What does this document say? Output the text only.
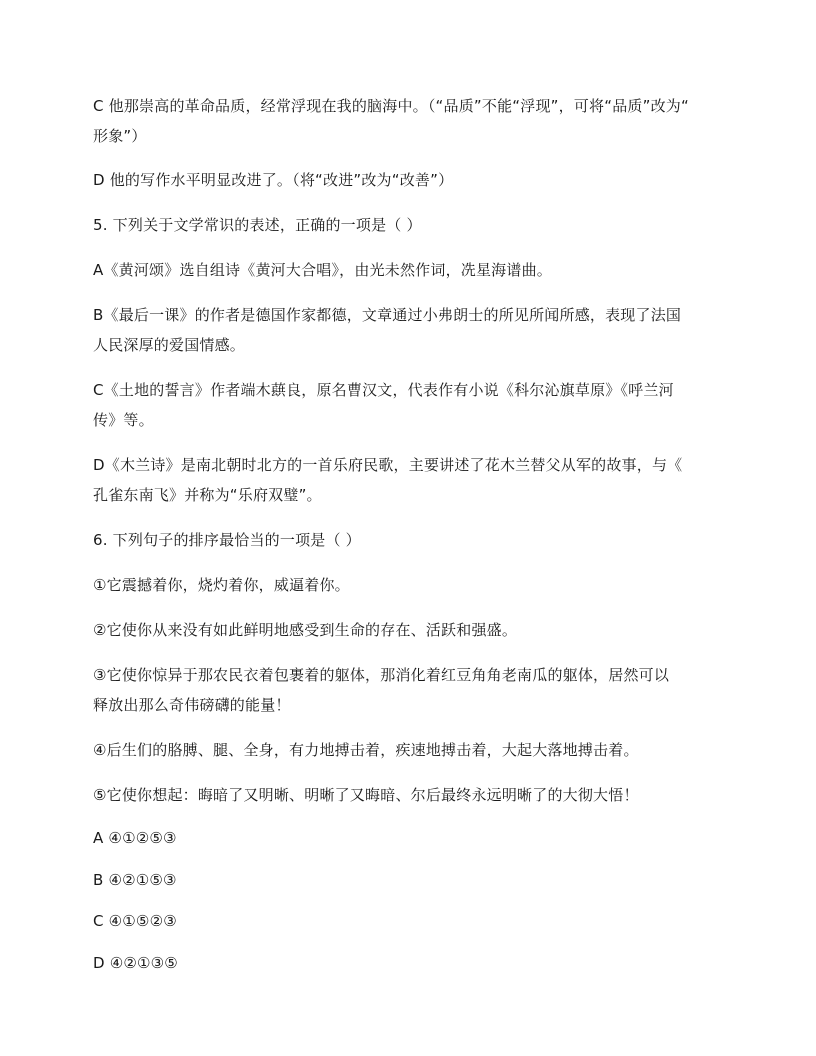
C 他那崇高的革命品质，经常浮现在我的脑海中。（“品质”不能“浮现”，可将“品质”改为“
形象”）
D 他的写作水平明显改进了。（将“改进”改为“改善”）
5. 下列关于文学常识的表述，正确的一项是（ ）
A《黄河颂》选自组诗《黄河大合唱》，由光未然作词，冼星海谱曲。
B《最后一课》的作者是德国作家都德，文章通过小弗朗士的所见所闻所感，表现了法国
人民深厚的爱国情感。
C《土地的誓言》作者端木蕻良，原名曹汉文，代表作有小说《科尔沁旗草原》《呼兰河
传》等。
D《木兰诗》是南北朝时北方的一首乐府民歌，主要讲述了花木兰替父从军的故事，与《
孔雀东南飞》并称为“乐府双璧”。
6. 下列句子的排序最恰当的一项是（ ）
①它震撼着你，烧灼着你，威逼着你。
②它使你从来没有如此鲜明地感受到生命的存在、活跃和强盛。
③它使你惊异于那农民衣着包裹着的躯体，那消化着红豆角角老南瓜的躯体，居然可以
释放出那么奇伟磅礴的能量！
④后生们的胳膊、腿、全身，有力地搏击着，疾速地搏击着，大起大落地搏击着。
⑤它使你想起：晦暗了又明晰、明晰了又晦暗、尔后最终永远明晰了的大彻大悟！
A ④①②⑤③
B ④②①⑤③
C ④①⑤②③
D ④②①③⑤
